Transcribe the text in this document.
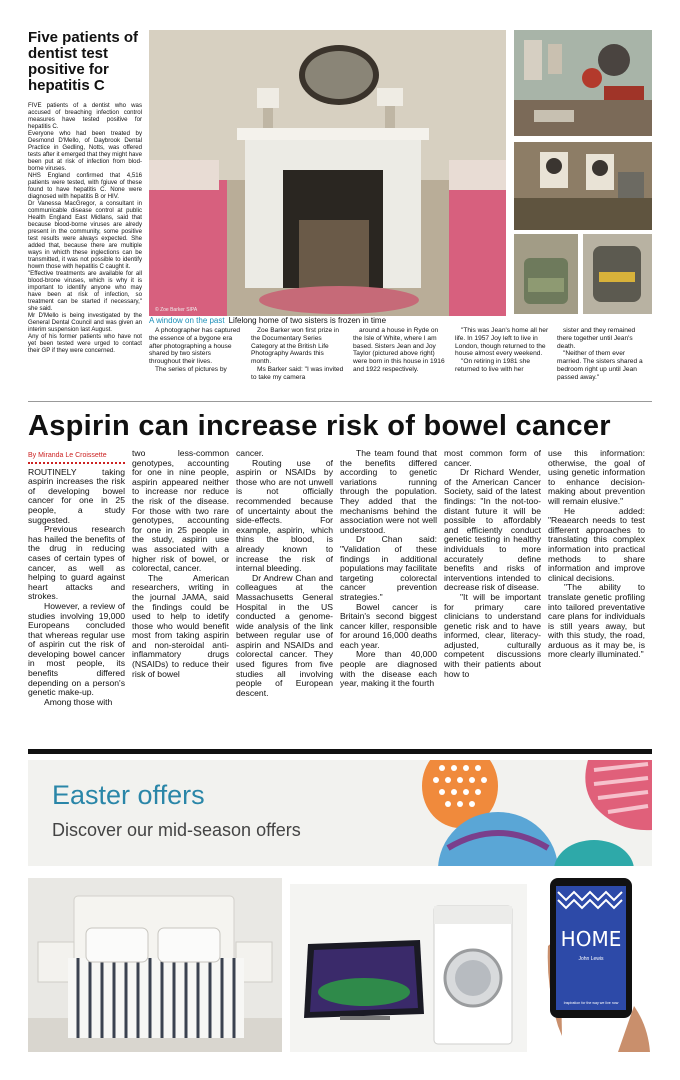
Five patients of dentist test positive for hepatitis C

FIVE patients of a dentist who was accused of breaching infection control measures have tested positive for hepatitis C.

Everyone who had been treated by Desmond D'Mello, of Daybrook Dental Practice in Gedling, Notts, was offered tests after it emerged that they might have been put at risk of infection from blod-borne viruses.

NHS England confirmed that 4,516 patients were tested, with fgiuve of these found to have hepatitis C. None were diagnosed with hepatitis B or HIV.

Dr Vanessa MacGregor, a consultant in communicable disease control at public Health England East Midlans, said that because blood-borne viruses are alredy present in the community, some positive test results were always expected. She added that, because there are multiple ways in whicth these inglections can be transmitted, it was not possible to identify howm those with hepatitis C caught it.

"Effective treatments are available for all blood-brone viruses, which is why it is important to identify anyone who may have been at risk of infection, so treatment can be started if necessary," she said.

Mr D'Mello is being investigated by the General Dental Council and was given an interim suspension last August.

Any of his former patients who have not yet been tested were urged to contact their GP if they were concerned.

© Zoe Barker SIPA
A window on the past Lifelong home of two sisters is frozen in time

A photographer has captured the essence of a bygone era after photographing a house shared by two sisters throughout their lives.

The series of pictures by

Zoe Barker won first prize in the Documentary Series Category at the British Life Photography Awards this month.

Ms Barker said: "I was invited to take my camera

around a house in Ryde on the Isle of White, where I am based. Sisters Jean and Joy Taylor (pictured above right) were born in this house in 1916 and 1922 respectively.

"This was Jean's home all her life. In 1957 Joy left to live in London, though returned to the house almost every weekend.

"On retiring in 1981 she returned to live with her

sister and they remained there together until Jean's death.

"Neither of them ever married. The sisters shared a bedroom right up until Jean passed away."

Aspirin can increase risk of bowel cancer
By Miranda Le Croissette

ROUTINELY taking aspirin increases the risk of developing bowel cancer for one in 25 people, a study suggested.

Previous research has hailed the benefits of the drug in reducing cases of certain types of cancer, as well as helping to guard against heart attacks and strokes.

However, a review of studies involving 19,000 Europeans concluded that whereas regular use of aspirin cut the risk of developing bowel cancer in most people, its benefits differed depending on a person's genetic make-up.

Among those with

two less-common genotypes, accounting for one in nine people, aspirin appeared neither to increase nor reduce the risk of the disease. For those with two rare genotypes, accounting for one in 25 people in the study, aspirin use was associated with a higher risk of bowel, or colorectal, cancer.

The American researchers, writing in the journal JAMA, said the findings could be used to help to idetify those who would benefit most from taking aspirin and non-steroidal anti-inflammatory drugs (NSAIDs) to reduce their risk of bowel

cancer.

Routing use of aspirin or NSAIDs by those who are not unwell is not officially recommended because of uncertainty about the side-effects. For example, aspirin, which thins the blood, is already known to increase the risk of internal bleeding.

Dr Andrew Chan and colleagues at the Massachusetts General Hospital in the US conducted a genome-wide analysis of the link between regular use of aspirin and NSAIDs and colorectal cancer. They used figures from five studies all involving people of European descent.

The team found that the benefits differed according to genetic variations running through the population. They added that the mechanisms behind the association were not well understood.

Dr Chan said: "Validation of these findings in additional populations may facilitate targeting colorectal cancer prevention strategies."

Bowel cancer is Britain's second biggest cancer killer, responsible for around 16,000 deaths each year.

More than 40,000 people are diagnosed with the disease each year, making it the fourth

most common form of cancer.

Dr Richard Wender, of the American Cancer Society, said of the latest findings: "In the not-too-distant future it will be possible to affordably and efficiently conduct genetic testing in healthy individuals to more accurately define benefits and risks of interventions intended to decrease risk of disease.

"It will be important for primary care clinicians to understand genetic risk and to have informed, clear, literacy-adjusted, culturally competent discussions with their patients about how to

use this information: otherwise, the goal of using genetic information to enhance decision-making about prevention will remain elusive."

He added: "Reaearch needs to test different approaches to translating this complex information into practical methods to share information and improve clinical decisions.

"The ability to translate genetic profiling into tailored preventative care plans for individuals is still years away, but with this study, the road, arduous as it may be, is more clearly illuminated."

Easter offers
Discover our mid-season offers
HOME
John Lewis
Inspiration for the way we live now
